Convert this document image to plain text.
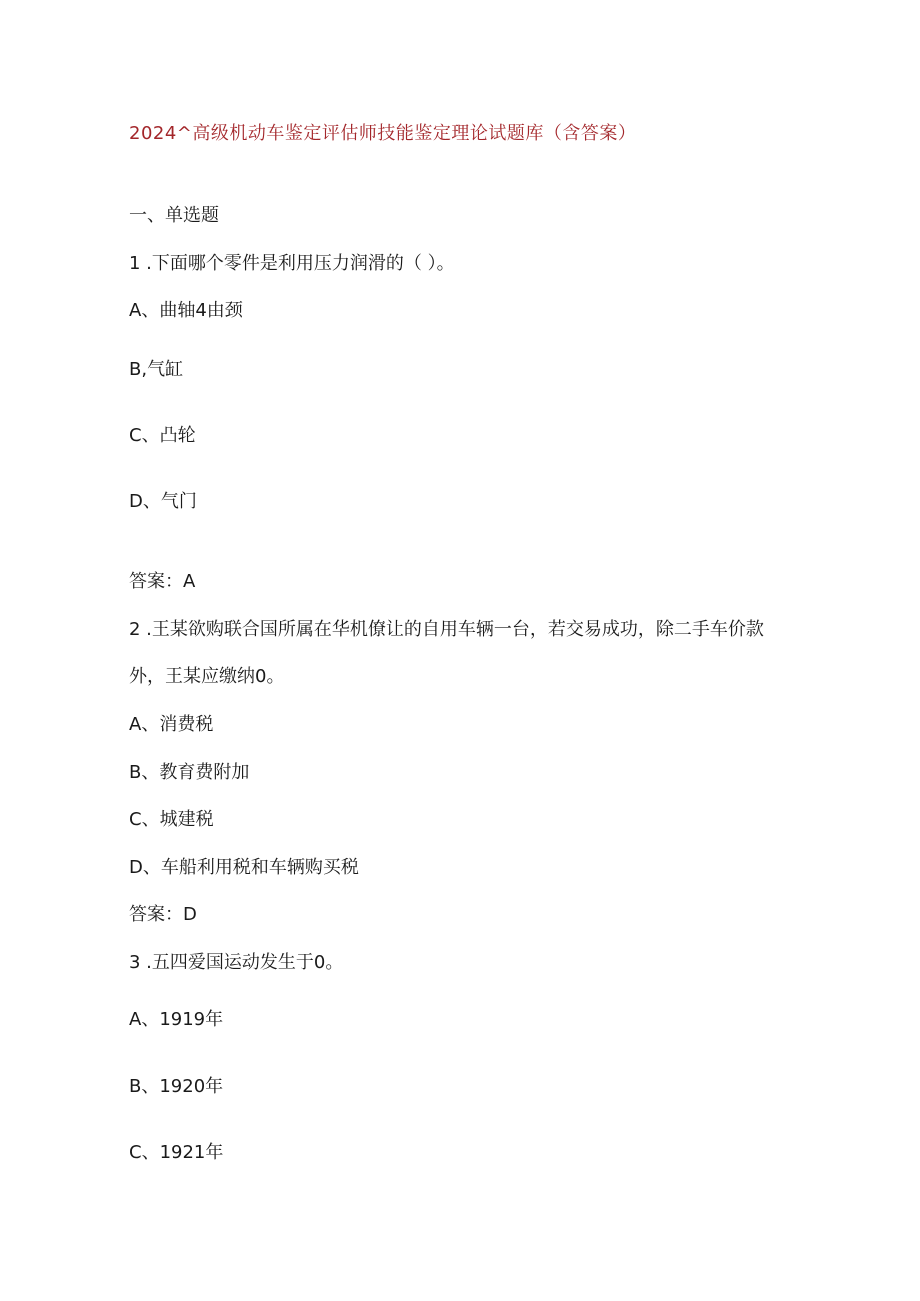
2024^高级机动车鉴定评估师技能鉴定理论试题库（含答案）
一、单选题
1 .下面哪个零件是利用压力润滑的（ ）。
A、曲轴4由颈
B,气缸
C、凸轮
D、气门
答案：A
2 .王某欲购联合国所属在华机僚让的自用车辆一台，若交易成功，除二手车价款
外，王某应缴纳0。
A、消费税
B、教育费附加
C、城建税
D、车船利用税和车辆购买税
答案：D
3 .五四爱国运动发生于0。
A、1919年
B、1920年
C、1921年
